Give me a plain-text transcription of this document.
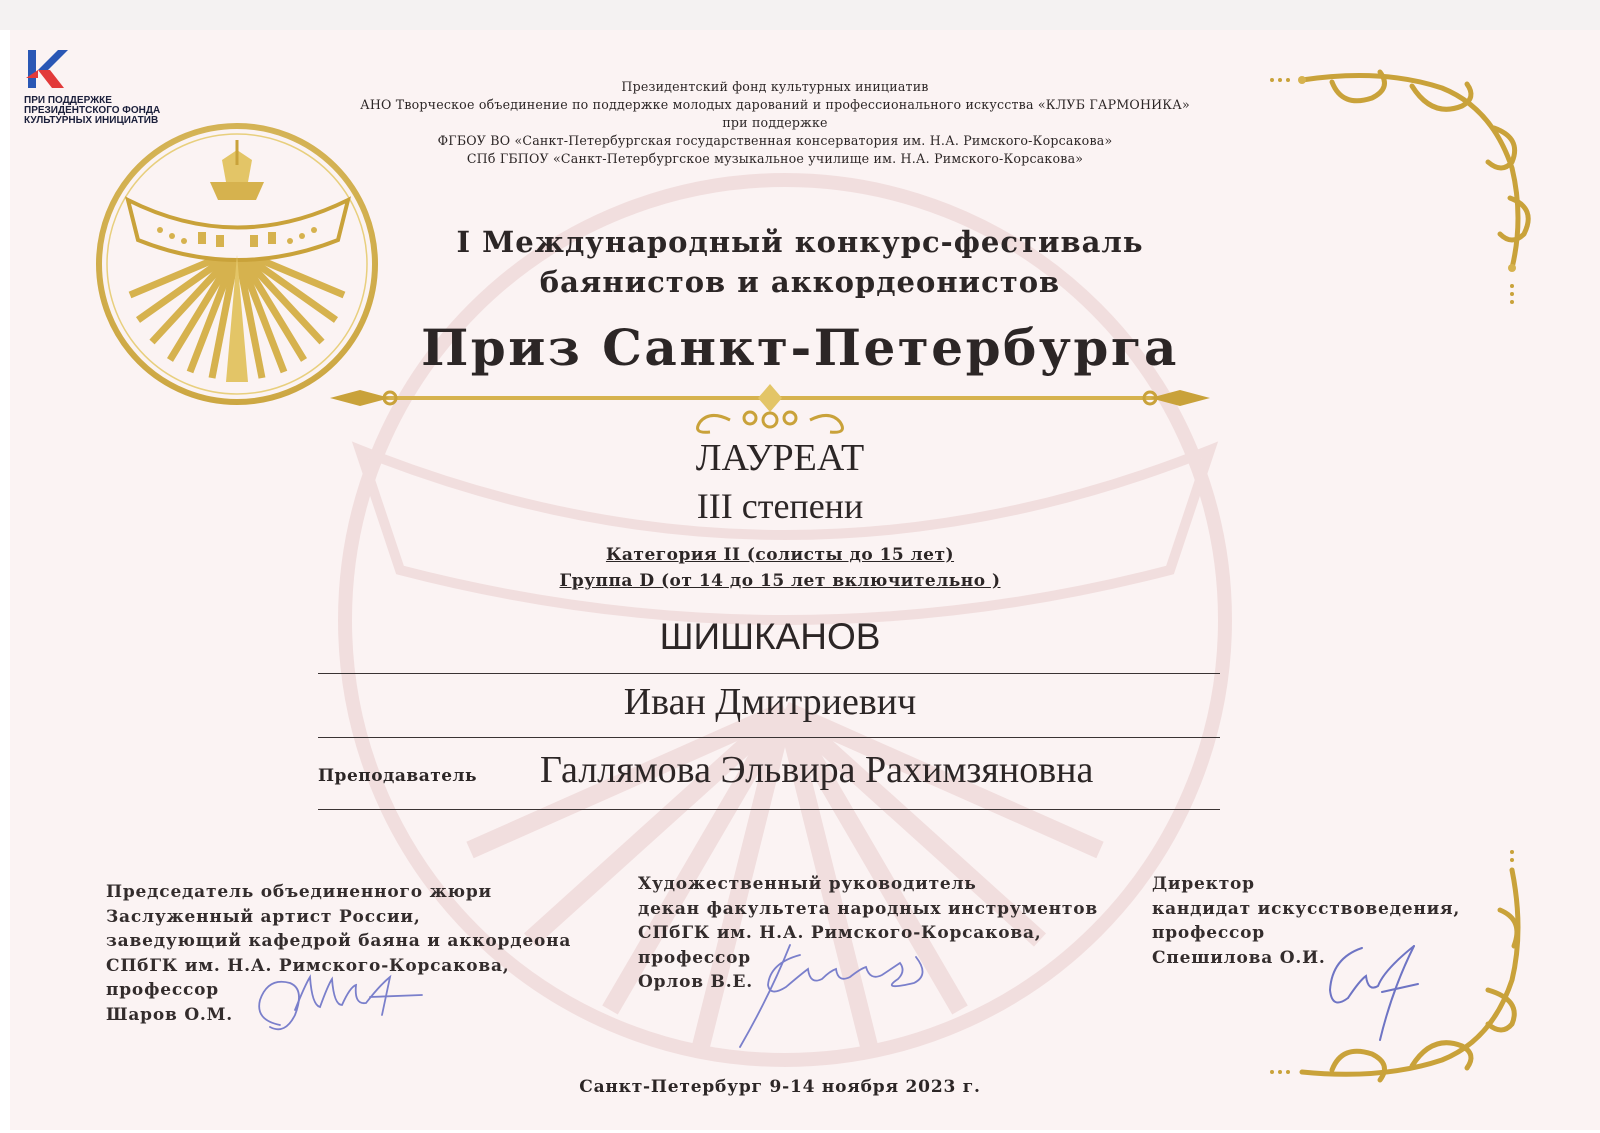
ПРИ ПОДДЕРЖКЕ
ПРЕЗИДЕНТСКОГО ФОНДА
КУЛЬТУРНЫХ ИНИЦИАТИВ
Президентский фонд культурных инициатив
АНО Творческое объединение по поддержке молодых дарований и профессионального искусства «КЛУБ ГАРМОНИКА»
при поддержке
ФГБОУ ВО «Санкт-Петербургская государственная консерватория им. Н.А. Римского-Корсакова»
СПб ГБПОУ «Санкт-Петербургское музыкальное училище им. Н.А. Римского-Корсакова»
I Международный конкурс-фестиваль
баянистов и аккордеонистов
Приз Санкт-Петербурга
ЛАУРЕАТ
III степени
Категория II (солисты до 15 лет)
Группа D (от 14 до 15 лет включительно )
ШИШКАНОВ
Иван Дмитриевич
Преподаватель Галлямова Эльвира Рахимзяновна
Председатель объединенного жюри
Заслуженный артист России,
заведующий кафедрой баяна и аккордеона
СПбГК им. Н.А. Римского-Корсакова,
профессор
Шаров О.М.
Художественный руководитель
декан факультета народных инструментов
СПбГК им. Н.А. Римского-Корсакова,
профессор
Орлов В.Е.
Директор
кандидат искусствоведения,
профессор
Спешилова О.И.
Санкт-Петербург 9-14 ноября 2023 г.
